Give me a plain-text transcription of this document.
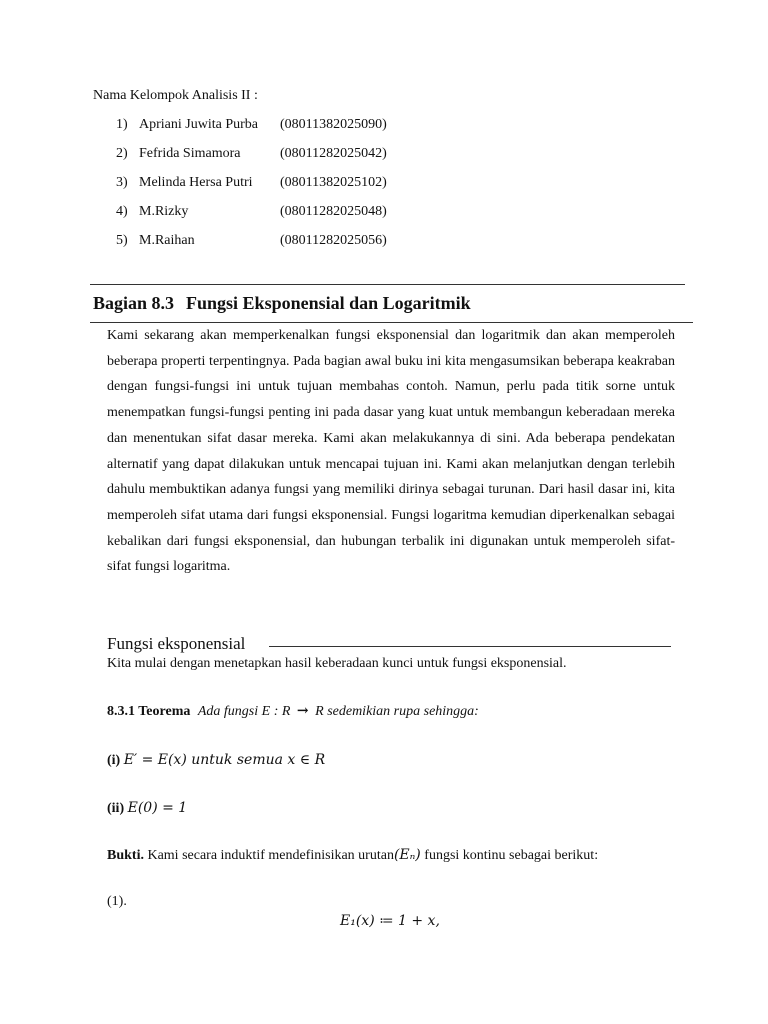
Nama Kelompok Analisis II :
1) Apriani Juwita Purba (08011382025090)
2) Fefrida Simamora	(08011282025042)
3) Melinda Hersa Putri (08011382025102)
4) M.Rizky	(08011282025048)
5) M.Raihan	(08011282025056)
Bagian 8.3 Fungsi Eksponensial dan Logaritmik

Kami sekarang akan memperkenalkan fungsi eksponensial dan logaritmik dan akan memperoleh beberapa properti terpentingnya. Pada bagian awal buku ini kita mengasumsikan beberapa keakraban dengan fungsi-fungsi ini untuk tujuan membahas contoh. Namun, perlu pada titik sorne untuk menempatkan fungsi-fungsi penting ini pada dasar yang kuat untuk membangun keberadaan mereka dan menentukan sifat dasar mereka. Kami akan melakukannya di sini. Ada beberapa pendekatan alternatif yang dapat dilakukan untuk mencapai tujuan ini. Kami akan melanjutkan dengan terlebih dahulu membuktikan adanya fungsi yang memiliki dirinya sebagai turunan. Dari hasil dasar ini, kita memperoleh sifat utama dari fungsi eksponensial. Fungsi logaritma kemudian diperkenalkan sebagai kebalikan dari fungsi eksponensial, dan hubungan terbalik ini digunakan untuk memperoleh sifat-sifat fungsi logaritma.

Fungsi eksponensial
Kita mulai dengan menetapkan hasil keberadaan kunci untuk fungsi eksponensial.
8.3.1 Teorema Ada fungsi E : R → R sedemikian rupa sehingga:
(i) E′ = E(x) untuk semua x ∈ R
(ii) E(0) = 1
Bukti. Kami secara induktif mendefinisikan urutan(Eₙ) fungsi kontinu sebagai berikut:
(1).
E₁(x) ≔ 1 + x,
